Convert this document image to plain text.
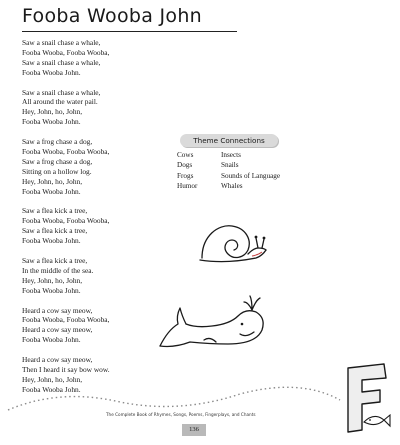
Fooba Wooba John
Saw a snail chase a whale,
Fooba Wooba, Fooba Wooba,
Saw a snail chase a whale,
Fooba Wooba John.
Saw a snail chase a whale,
All around the water pail.
Hey, John, ho, John,
Fooba Wooba John.
Saw a frog chase a dog,
Fooba Wooba, Fooba Wooba,
Saw a frog chase a dog,
Sitting on a hollow log.
Hey, John, ho, John,
Fooba Wooba John.
Saw a flea kick a tree,
Fooba Wooba, Fooba Wooba,
Saw a flea kick a tree,
Fooba Wooba John.
Saw a flea kick a tree,
In the middle of the sea.
Hey, John, ho, John,
Fooba Wooba John.
Heard a cow say meow,
Fooba Wooba, Fooba Wooba,
Heard a cow say meow,
Fooba Wooba John.
Heard a cow say meow,
Then I heard it say bow wow.
Hey, John, ho, John,
Fooba Wooba John.
Theme Connections
Cows	Insects
Dogs	Snails
Frogs	Sounds of Language
Humor	Whales
The Complete Book of Rhymes, Songs, Poems, Fingerplays, and Chants
136
